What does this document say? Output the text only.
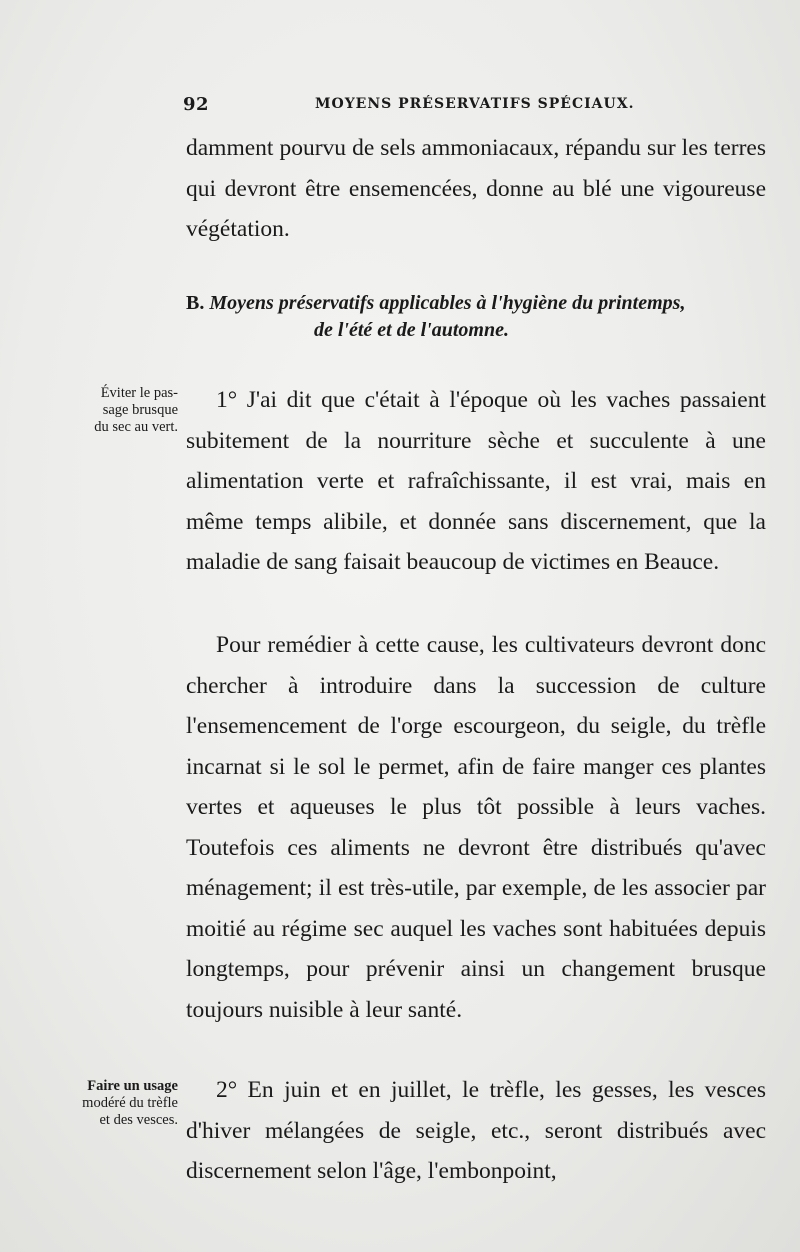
92	MOYENS PRÉSERVATIFS SPÉCIAUX.

damment pourvu de sels ammoniacaux, répandu sur les terres qui devront être ensemencées, donne au blé une vigoureuse végétation.

B. Moyens préservatifs applicables à l'hygiène du printemps,
de l'été et de l'automne.
Éviter le pas-
sage brusque
du sec au vert.

1° J'ai dit que c'était à l'époque où les vaches passaient subitement de la nourriture sèche et succulente à une alimentation verte et rafraîchissante, il est vrai, mais en même temps alibile, et donnée sans discernement, que la maladie de sang faisait beaucoup de victimes en Beauce.

Pour remédier à cette cause, les cultivateurs devront donc chercher à introduire dans la succession de culture l'ensemencement de l'orge escourgeon, du seigle, du trèfle incarnat si le sol le permet, afin de faire manger ces plantes vertes et aqueuses le plus tôt possible à leurs vaches. Toutefois ces aliments ne devront être distribués qu'avec ménagement; il est très-utile, par exemple, de les associer par moitié au régime sec auquel les vaches sont habituées depuis longtemps, pour prévenir ainsi un changement brusque toujours nuisible à leur santé.

Faire un usage
modéré du trèfle
et des vesces.

2° En juin et en juillet, le trèfle, les gesses, les vesces d'hiver mélangées de seigle, etc., seront distribués avec discernement selon l'âge, l'embonpoint,
